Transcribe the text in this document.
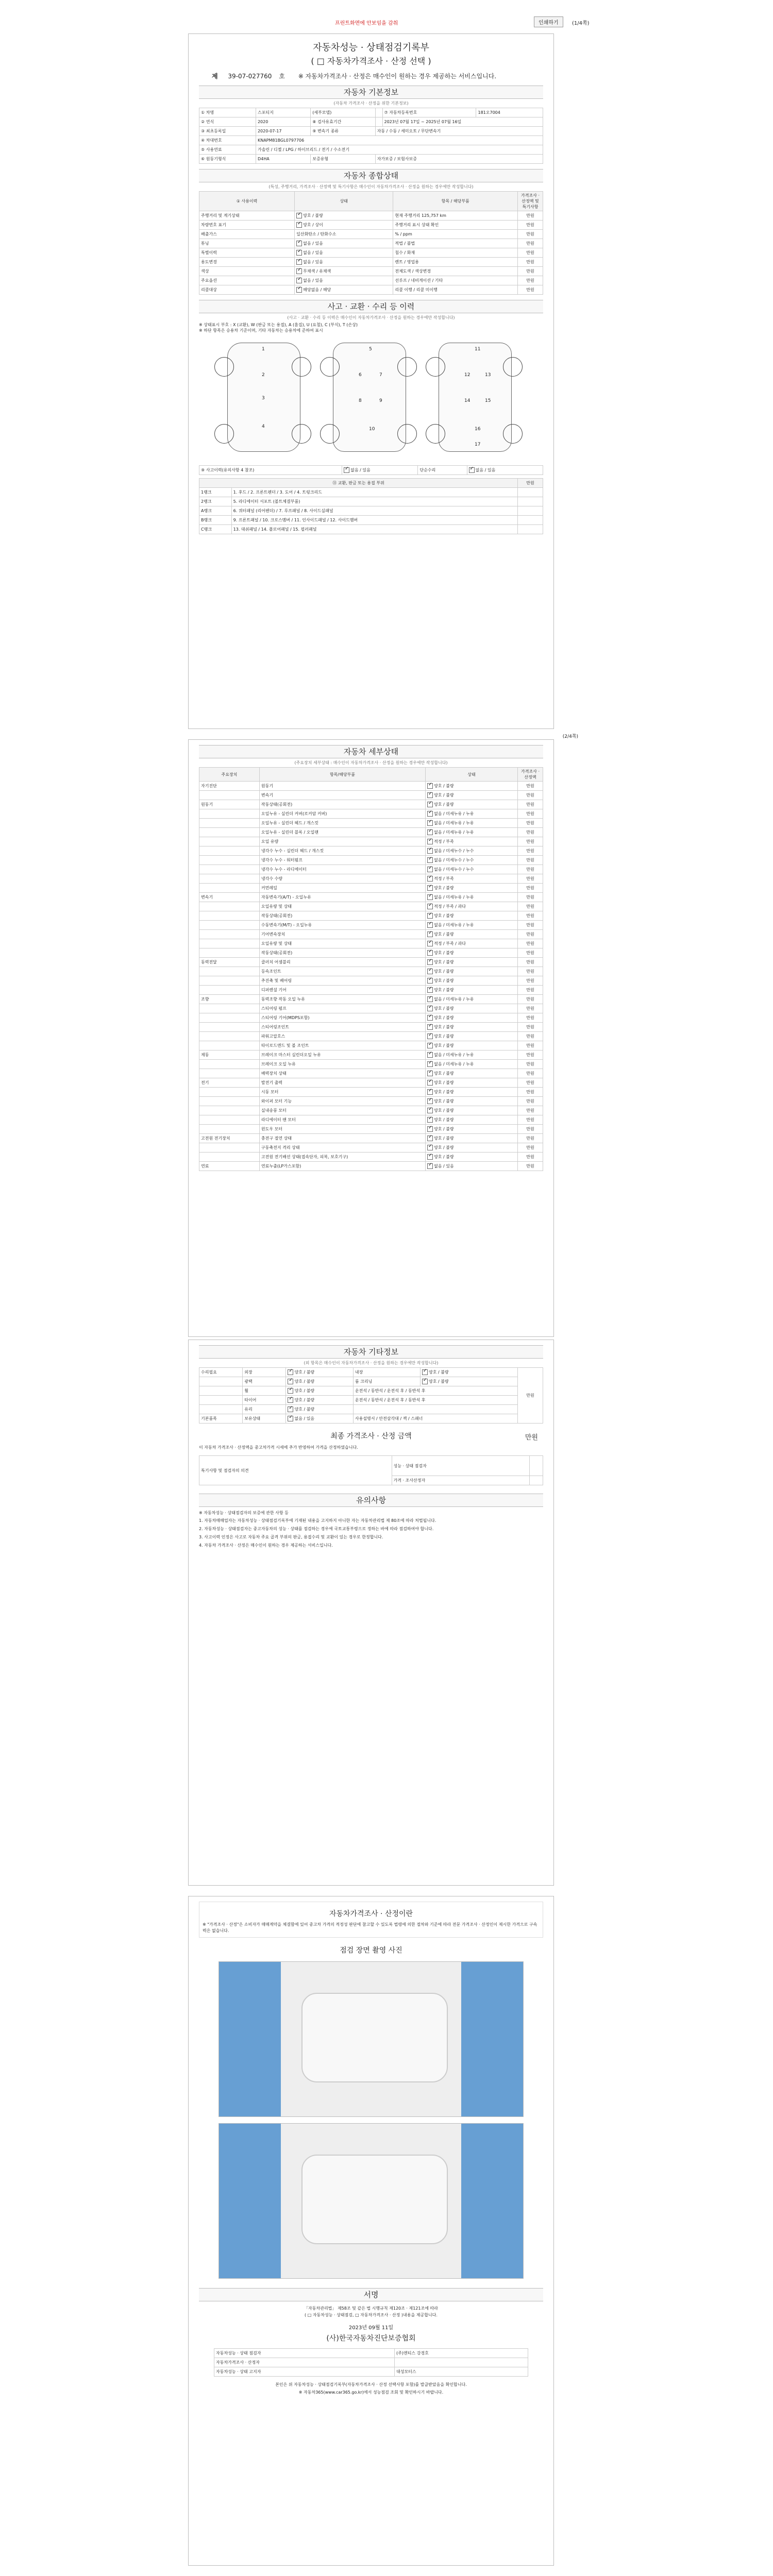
프린트화면에 안보임을 감춰	인쇄하기	(1/4쪽)
자동차성능 · 상태점검기록부
( □ 자동차가격조사 · 산정 선택 )
제 39-07-027760 호 ※ 자동차가격조사 · 산정은 매수인이 원하는 경우 제공하는 서비스입니다.
자동차 기본정보
(자동차 가격조사 · 산정을 위한 기본정보)
① 차명	스포티지	(세부모델)		⑦ 자동차등록번호	181오7004
② 연식	2020	⑧ 검사유효기간		2023년 07월 17일 ~ 2025년 07월 16일	
③ 최초등록일	2020-07-17	⑨ 변속기 종류	자동 / 수동 / 세미오토 / 무단변속기		
④ 차대번호	KNAPM81BGL0797706				
⑤ 사용연료	가솔린 / 디젤 / LPG / 하이브리드 / 전기 / 수소전기				
⑥ 원동기형식	D4HA	보증유형	자가보증 / 보험사보증		
자동차 종합상태
(특성, 주행거리, 가격조사 · 산정액 및 특기사항은 매수인이 자동차가격조사 · 산정을 원하는 경우에만 작성합니다)
① 사용이력	상태	항목 / 해당부품	가격조사 · 산정액 및 특기사항
주행거리 및 계기상태	✓양호 / 불량	현재 주행거리 125,757 km	만원
차량번호 표기	✓양호 / 상이	주행거리 표시 상태 확인	만원
배출가스	일산화탄소 / 탄화수소	% / ppm	만원
튜닝	✓없음 / 있음	적법 / 불법	만원
특별이력	✓없음 / 있음	침수 / 화재	만원
용도변경	✓없음 / 있음	렌트 / 영업용	만원
색상	✓무채색 / 유채색	전체도색 / 색상변경	만원
주요옵션	✓없음 / 있음	선루프 / 네비게이션 / 기타	만원
리콜대상	✓해당없음 / 해당	리콜 이행 / 리콜 미이행	만원
사고 · 교환 · 수리 등 이력
(사고 · 교환 · 수리 등 이력은 매수인이 자동차가격조사 · 산정을 원하는 경우에만 작성합니다)
※ 상태표시 부호 : X (교환), W (판금 또는 용접), A (흠집), U (요철), C (부식), T (손상)
※ 하단 항목은 승용차 기준이며, 기타 자동차는 승용차에 준하여 표시
1
2
3
4
5
6	7
8	9
10
11
12	13
14	15
16
17
⑨ 사고이력(유의사항 4 참조)	✓없음 / 있음	단순수리	✓없음 / 있음
⑪ 교환, 판금 또는 용접 부위		만원
1랭크	1. 후드 / 2. 프론트펜더 / 3. 도어 / 4. 트렁크리드	
2랭크	5. 라디에이터 서포트 (볼트체결부품)	
A랭크	6. 쿼터패널 (리어펜더) / 7. 루프패널 / 8. 사이드실패널	
B랭크	9. 프론트패널 / 10. 크로스멤버 / 11. 인사이드패널 / 12. 사이드멤버	
C랭크	13. 대쉬패널 / 14. 플로어패널 / 15. 필러패널	
(2/4쪽)
자동차 세부상태
(주요장치 세부상태 : 매수인이 자동차가격조사 · 산정을 원하는 경우에만 작성합니다)
주요장치	항목/해당부품	상태	가격조사 · 산정액
자기진단	원동기	✓양호 / 불량	만원
	변속기	✓양호 / 불량	만원
원동기	작동상태(공회전)	✓양호 / 불량	만원
	오일누유 - 실린더 커버(로커암 커버)	✓없음 / 미세누유 / 누유	만원
	오일누유 - 실린더 헤드 / 개스킷	✓없음 / 미세누유 / 누유	만원
	오일누유 - 실린더 블록 / 오일팬	✓없음 / 미세누유 / 누유	만원
	오일 유량	✓적정 / 부족	만원
	냉각수 누수 - 실린더 헤드 / 개스킷	✓없음 / 미세누수 / 누수	만원
	냉각수 누수 - 워터펌프	✓없음 / 미세누수 / 누수	만원
	냉각수 누수 - 라디에이터	✓없음 / 미세누수 / 누수	만원
	냉각수 수량	✓적정 / 부족	만원
	커먼레일	✓양호 / 불량	만원
변속기	자동변속기(A/T) - 오일누유	✓없음 / 미세누유 / 누유	만원
	오일유량 및 상태	✓적정 / 부족 / 과다	만원
	작동상태(공회전)	✓양호 / 불량	만원
	수동변속기(M/T) - 오일누유	✓없음 / 미세누유 / 누유	만원
	기어변속장치	✓양호 / 불량	만원
	오일유량 및 상태	✓적정 / 부족 / 과다	만원
	작동상태(공회전)	✓양호 / 불량	만원
동력전달	클러치 어셈블리	✓양호 / 불량	만원
	등속조인트	✓양호 / 불량	만원
	추진축 및 베어링	✓양호 / 불량	만원
	디퍼렌셜 기어	✓양호 / 불량	만원
조향	동력조향 작동 오일 누유	✓없음 / 미세누유 / 누유	만원
	스티어링 펌프	✓양호 / 불량	만원
	스티어링 기어(MDPS포함)	✓양호 / 불량	만원
	스티어링조인트	✓양호 / 불량	만원
	파워고압호스	✓양호 / 불량	만원
	타이로드엔드 및 볼 조인트	✓양호 / 불량	만원
제동	브레이크 마스터 실린더오일 누유	✓없음 / 미세누유 / 누유	만원
	브레이크 오일 누유	✓없음 / 미세누유 / 누유	만원
	배력장치 상태	✓양호 / 불량	만원
전기	발전기 출력	✓양호 / 불량	만원
	시동 모터	✓양호 / 불량	만원
	와이퍼 모터 기능	✓양호 / 불량	만원
	실내송풍 모터	✓양호 / 불량	만원
	라디에이터 팬 모터	✓양호 / 불량	만원
	윈도우 모터	✓양호 / 불량	만원
고전원 전기장치	충전구 절연 상태	✓양호 / 불량	만원
	구동축전지 격리 상태	✓양호 / 불량	만원
	고전원 전기배선 상태(접속단자, 피복, 보호기구)	✓양호 / 불량	만원
연료	연료누출(LP가스포함)	✓없음 / 있음	만원
자동차 기타정보
(외 항목은 매수인이 자동차가격조사 · 산정을 원하는 경우에만 작성합니다)
수리필요	외장	✓양호 / 불량	내장	✓양호 / 불량	만원
	광택	✓양호 / 불량	룸 크리닝	✓양호 / 불량
	휠	✓양호 / 불량	운전석 / 동반석 / 운전석 후 / 동반석 후		
	타이어	✓양호 / 불량	운전석 / 동반석 / 운전석 후 / 동반석 후		
	유리	✓양호 / 불량	
기본품목	보유상태	✓없음 / 있음	사용설명서 / 안전삼각대 / 잭 / 스패너		
최종 가격조사 · 산정 금액	만원
이 자동차 가격조사 · 산정액을 중고차가격 시세에 추가 반영하여 가격을 산정하였습니다.
특기사항 및 점검자의 의견	성능 · 상태 점검자	
	가격 · 조사산정자	
유의사항
※ 자동차성능 · 상태점검자의 보증에 관한 사항 등
1. 자동차매매업자는 자동차성능 · 상태점검기록부에 기재된 내용을 고지하지 아니한 자는 자동차관리법 제 80조에 따라 처벌됩니다.
2. 자동차성능 · 상태점검자는 중고자동차의 성능 · 상태를 점검하는 경우에 국토교통부령으로 정하는 바에 따라 점검하여야 합니다.
3. 사고이력 인정은 사고로 자동차 주요 골격 부위의 판금, 용접수리 및 교환이 있는 경우로 한정합니다.
4. 자동차 가격조사 · 산정은 매수인이 원하는 경우 제공하는 서비스입니다.
자동차가격조사 · 산정이란
※ "가격조사 · 산정"은 소비자가 매매계약을 체결함에 있어 중고차 가격의 적정성 판단에 참고할 수 있도록 법령에 의한 절차와 기준에 따라 전문 가격조사 · 산정인이 제시한 가격으로 구속력은 없습니다.
점검 장면 촬영 사진
서명
「자동차관리법」 제58조 및 같은 법 시행규칙 제120조 · 제121조에 따라
( □ 자동차성능 · 상태점검, □ 자동차가격조사 · 산정 )내용을 제공합니다.
2023년 09월 11일
(사)한국자동차진단보증협회
자동차성능 · 상태 점검자	(주)엔티스 강경호
자동차가격조사 · 산정자	
자동차성능 · 상태 고지자	대성모터스
본인은 위 자동차성능 · 상태점검기록부(자동차가격조사 · 산정 선택사항 포함)를 발급받았음을 확인합니다.
※ 자동차365(www.car365.go.kr)에서 성능점검 조회 및 확인하시기 바랍니다.
